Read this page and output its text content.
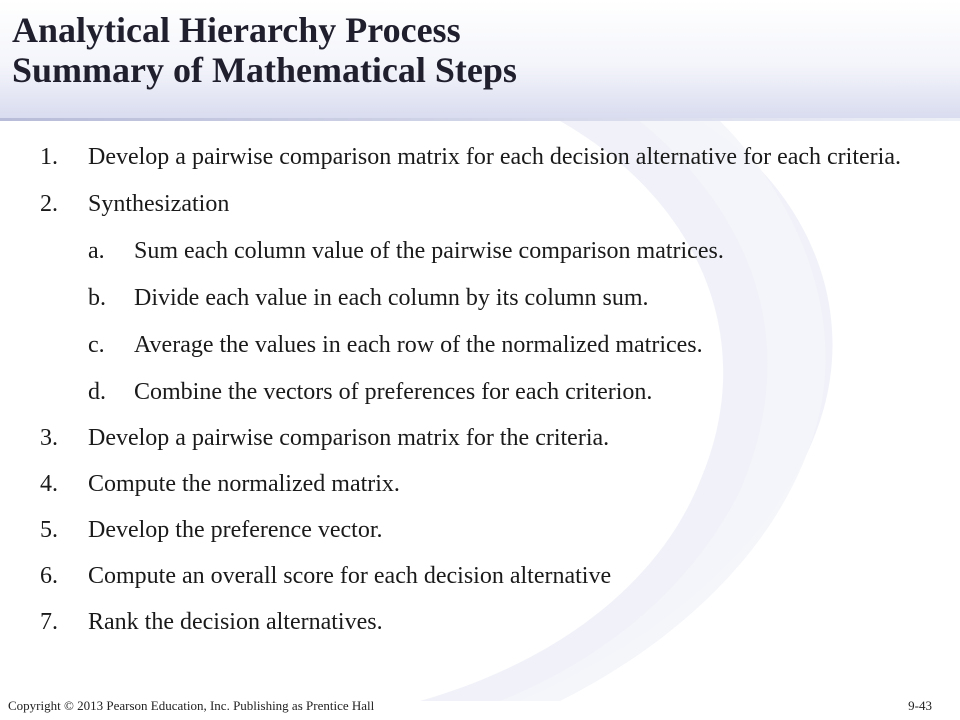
Analytical Hierarchy Process
Summary of Mathematical Steps
1.	Develop a pairwise comparison matrix for each decision alternative for each criteria.
2.	Synthesization
a.	Sum each column value of the pairwise comparison matrices.
b.	Divide each value in each column by its column sum.
c.	Average the values in each row of the normalized matrices.
d.	Combine the vectors of preferences for each criterion.
3.	Develop a pairwise comparison matrix for the criteria.
4.	Compute the normalized matrix.
5.	Develop the preference vector.
6.	Compute an overall score for each decision alternative
7.	Rank the decision alternatives.
Copyright © 2013 Pearson Education, Inc. Publishing as Prentice Hall	9-43
